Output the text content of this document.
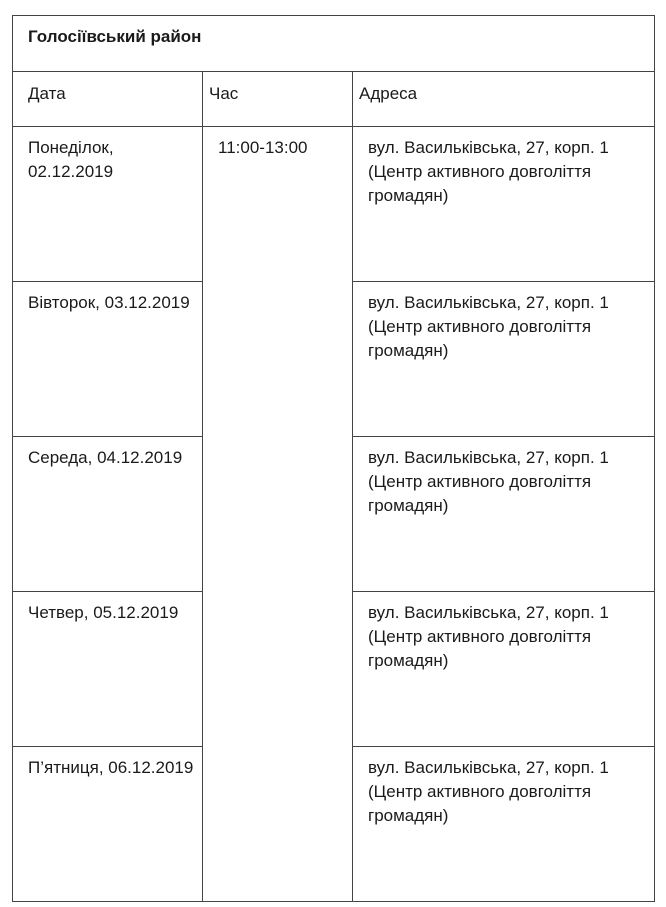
Голосіївський район		
Дата	Час	Адреса
Понеділок, 02.12.2019	11:00-13:00	вул. Васильківська, 27, корп. 1 (Центр активного довголіття громадян)
Вівторок, 03.12.2019		вул. Васильківська, 27, корп. 1 (Центр активного довголіття громадян)
Середа, 04.12.2019		вул. Васильківська, 27, корп. 1 (Центр активного довголіття громадян)
Четвер, 05.12.2019		вул. Васильківська, 27, корп. 1 (Центр активного довголіття громадян)
П’ятниця, 06.12.2019		вул. Васильківська, 27, корп. 1 (Центр активного довголіття громадян)
